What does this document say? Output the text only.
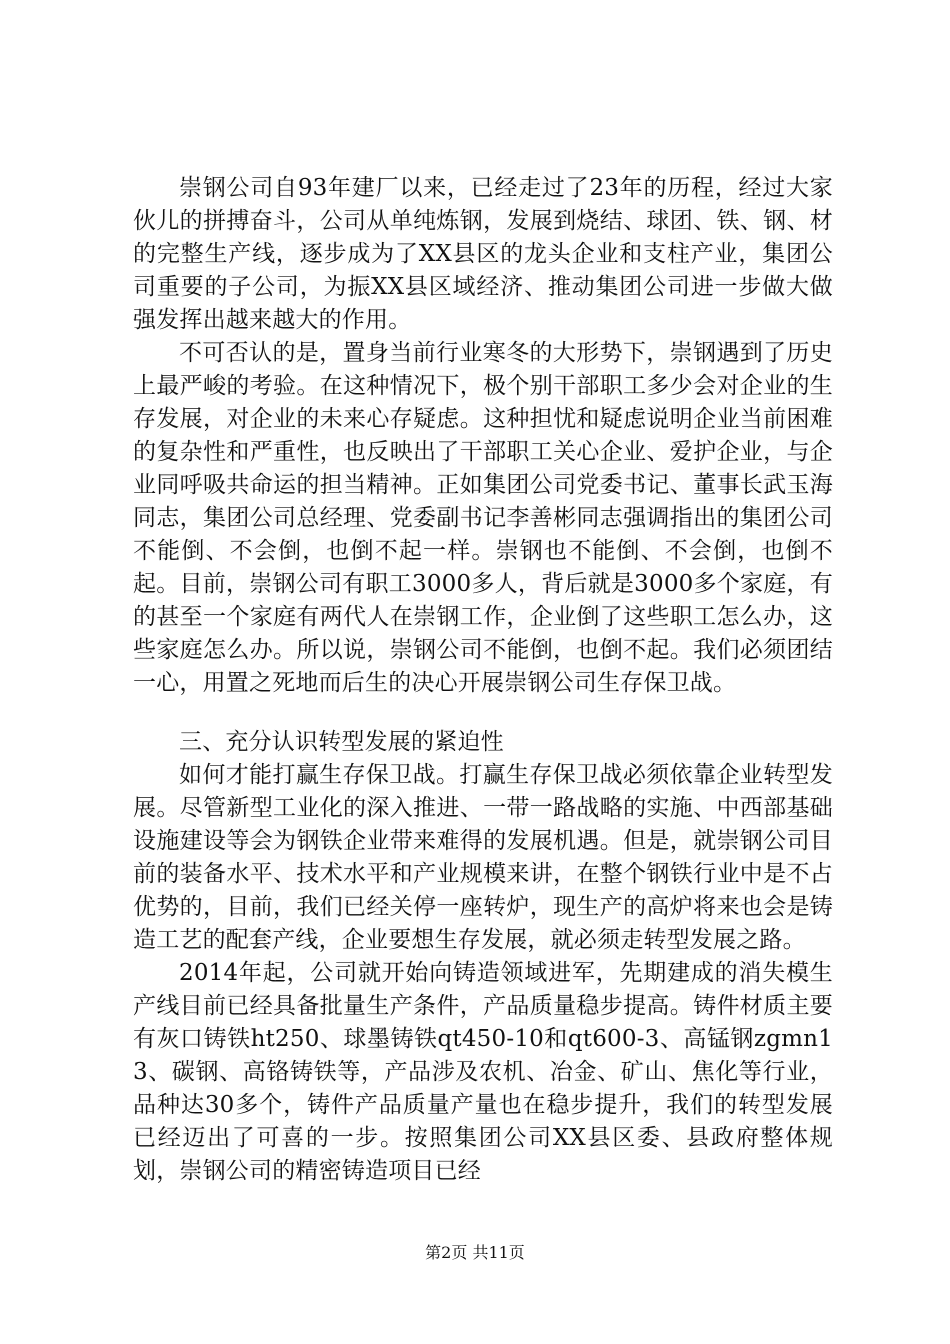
崇钢公司自93年建厂以来，已经走过了23年的历程，经过大家伙儿的拼搏奋斗，公司从单纯炼钢，发展到烧结、球团、铁、钢、材的完整生产线，逐步成为了XX县区的龙头企业和支柱产业，集团公司重要的子公司，为振XX县区域经济、推动集团公司进一步做大做强发挥出越来越大的作用。

不可否认的是，置身当前行业寒冬的大形势下，崇钢遇到了历史上最严峻的考验。在这种情况下，极个别干部职工多少会对企业的生存发展，对企业的未来心存疑虑。这种担忧和疑虑说明企业当前困难的复杂性和严重性，也反映出了干部职工关心企业、爱护企业，与企业同呼吸共命运的担当精神。正如集团公司党委书记、董事长武玉海同志，集团公司总经理、党委副书记李善彬同志强调指出的集团公司不能倒、不会倒，也倒不起一样。崇钢也不能倒、不会倒，也倒不起。目前，崇钢公司有职工3000多人，背后就是3000多个家庭，有的甚至一个家庭有两代人在崇钢工作，企业倒了这些职工怎么办，这些家庭怎么办。所以说，崇钢公司不能倒，也倒不起。我们必须团结一心，用置之死地而后生的决心开展崇钢公司生存保卫战。

三、充分认识转型发展的紧迫性

如何才能打赢生存保卫战。打赢生存保卫战必须依靠企业转型发展。尽管新型工业化的深入推进、一带一路战略的实施、中西部基础设施建设等会为钢铁企业带来难得的发展机遇。但是，就崇钢公司目前的装备水平、技术水平和产业规模来讲，在整个钢铁行业中是不占优势的，目前，我们已经关停一座转炉，现生产的高炉将来也会是铸造工艺的配套产线，企业要想生存发展，就必须走转型发展之路。

2014年起，公司就开始向铸造领域进军，先期建成的消失模生产线目前已经具备批量生产条件，产品质量稳步提高。铸件材质主要有灰口铸铁ht250、球墨铸铁qt450-10和qt600-3、高锰钢zgmn13、碳钢、高铬铸铁等，产品涉及农机、冶金、矿山、焦化等行业，品种达30多个，铸件产品质量产量也在稳步提升，我们的转型发展已经迈出了可喜的一步。按照集团公司XX县区委、县政府整体规划，崇钢公司的精密铸造项目已经

第2页 共11页
